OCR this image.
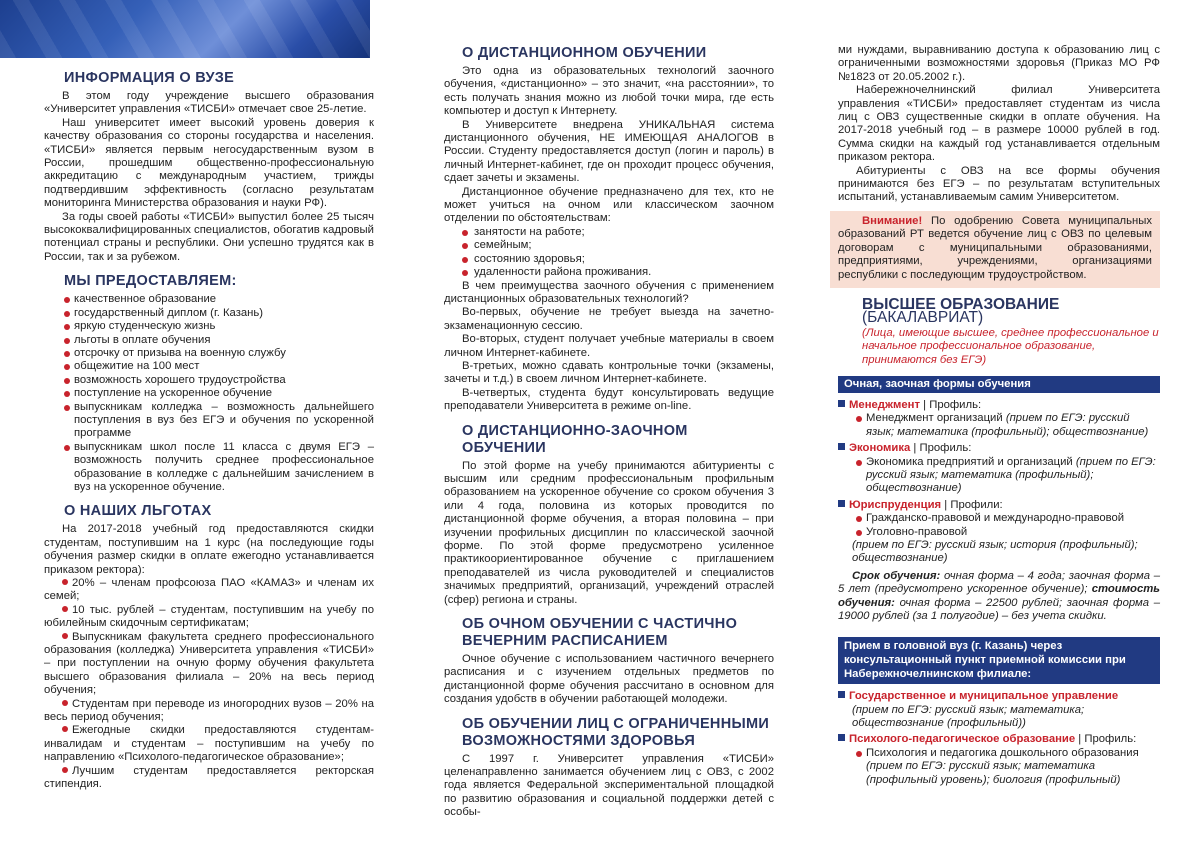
ИНФОРМАЦИЯ О ВУЗЕ

В этом году учреждение высшего образования «Университет управления «ТИСБИ» отмечает свое 25-летие.

Наш университет имеет высокий уровень доверия к качеству образования со стороны государства и населения. «ТИСБИ» является первым негосударственным вузом в России, прошедшим общественно-профессиональную аккредитацию с международным участием, трижды подтвердившим эффективность (согласно результатам мониторинга Министерства образования и науки РФ).

За годы своей работы «ТИСБИ» выпустил более 25 тысяч высококвалифицированных специалистов, обогатив кадровый потенциал страны и республики. Они успешно трудятся как в России, так и за рубежом.

МЫ ПРЕДОСТАВЛЯЕМ:
качественное образование
государственный диплом (г. Казань)
яркую студенческую жизнь
льготы в оплате обучения
отсрочку от призыва на военную службу
общежитие на 100 мест
возможность хорошего трудоустройства
поступление на ускоренное обучение
выпускникам колледжа – возможность дальнейшего поступления в вуз без ЕГЭ и обучения по ускоренной программе
выпускникам школ после 11 класса с двумя ЕГЭ – возможность получить среднее профессиональное образование в колледже с дальнейшим зачислением в вуз на ускоренное обучение.
О НАШИХ ЛЬГОТАХ

На 2017-2018 учебный год предоставляются скидки студентам, поступившим на 1 курс (на последующие годы обучения размер скидки в оплате ежегодно устанавливается приказом ректора):

20% – членам профсоюза ПАО «КАМАЗ» и членам их семей;
10 тыс. рублей – студентам, поступившим на учебу по юбилейным скидочным сертификатам;
Выпускникам факультета среднего профессионального образования (колледжа) Университета управления «ТИСБИ» – при поступлении на очную форму обучения факультета высшего образования филиала – 20% на весь период обучения;
Студентам при переводе из иногородних вузов – 20% на весь период обучения;
Ежегодные скидки предоставляются студентам-инвалидам и студентам – поступившим на учебу по направлению «Психолого-педагогическое образование»;
Лучшим студентам предоставляется ректорская стипендия.
О ДИСТАНЦИОННОМ ОБУЧЕНИИ

Это одна из образовательных технологий заочного обучения, «дистанционно» – это значит, «на расстоянии», то есть получать знания можно из любой точки мира, где есть компьютер и доступ к Интернету.

В Университете внедрена УНИКАЛЬНАЯ система дистанционного обучения, НЕ ИМЕЮЩАЯ АНАЛОГОВ в России. Студенту предоставляется доступ (логин и пароль) в личный Интернет-кабинет, где он проходит процесс обучения, сдает зачеты и экзамены.

Дистанционное обучение предназначено для тех, кто не может учиться на очном или классическом заочном отделении по обстоятельствам:

занятости на работе;
семейным;
состоянию здоровья;
удаленности района проживания.

В чем преимущества заочного обучения с применением дистанционных образовательных технологий?

Во-первых, обучение не требует выезда на зачетно-экзаменационную сессию.

Во-вторых, студент получает учебные материалы в своем личном Интернет-кабинете.

В-третьих, можно сдавать контрольные точки (экзамены, зачеты и т.д.) в своем личном Интернет-кабинете.

В-четвертых, студента будут консультировать ведущие преподаватели Университета в режиме on-line.

О ДИСТАНЦИОННО-ЗАОЧНОМ ОБУЧЕНИИ

По этой форме на учебу принимаются абитуриенты с высшим или средним профессиональным профильным образованием на ускоренное обучение со сроком обучения 3 или 4 года, половина из которых проводится по дистанционной форме обучения, а вторая половина – при изучении профильных дисциплин по классической заочной форме. По этой форме предусмотрено усиленное практикоориентированное обучение с приглашением преподавателей из числа руководителей и специалистов значимых предприятий, организаций, учреждений отраслей (сфер) региона и страны.

ОБ ОЧНОМ ОБУЧЕНИИ С ЧАСТИЧНО ВЕЧЕРНИМ РАСПИСАНИЕМ

Очное обучение с использованием частичного вечернего расписания и с изучением отдельных предметов по дистанционной форме обучения рассчитано в основном для создания удобств в обучении работающей молодежи.

ОБ ОБУЧЕНИИ ЛИЦ С ОГРАНИЧЕННЫМИ ВОЗМОЖНОСТЯМИ ЗДОРОВЬЯ

С 1997 г. Университет управления «ТИСБИ» целенаправленно занимается обучением лиц с ОВЗ, с 2002 года является Федеральной экспериментальной площадкой по развитию образования и социальной поддержки детей с особы-

ми нуждами, выравниванию доступа к образованию лиц с ограниченными возможностями здоровья (Приказ МО РФ №1823 от 20.05.2002 г.).

Набережночелнинский филиал Университета управления «ТИСБИ» предоставляет студентам из числа лиц с ОВЗ существенные скидки в оплате обучения. На 2017-2018 учебный год – в размере 10000 рублей в год. Сумма скидки на каждый год устанавливается отдельным приказом ректора.

Абитуриенты с ОВЗ на все формы обучения принимаются без ЕГЭ – по результатам вступительных испытаний, устанавливаемым самим Университетом.

Внимание! По одобрению Совета муниципальных образований РТ ведется обучение лиц с ОВЗ по целевым договорам с муниципальными образованиями, предприятиями, учреждениями, организациями республики с последующим трудоустройством.

ВЫСШЕЕ ОБРАЗОВАНИЕ (БАКАЛАВРИАТ)
(Лица, имеющие высшее, среднее профессиональное и начальное профессиональное образование, принимаются без ЕГЭ)
Очная, заочная формы обучения
Менеджмент | Профиль:
Менеджмент организаций (прием по ЕГЭ: русский язык; математика (профильный); обществознание)
Экономика | Профиль:
Экономика предприятий и организаций (прием по ЕГЭ: русский язык; математика (профильный); обществознание)
Юриспруденция | Профили:
Гражданско-правовой и международно-правовой
Уголовно-правовой
(прием по ЕГЭ: русский язык; история (профильный); обществознание)

Срок обучения: очная форма – 4 года; заочная форма – 5 лет (предусмотрено ускоренное обучение); стоимость обучения: очная форма – 22500 рублей; заочная форма – 19000 рублей (за 1 полугодие) – без учета скидки.

Прием в головной вуз (г. Казань) через консультационный пункт приемной комиссии при Набережночелнинском филиале:
Государственное и муниципальное управление
(прием по ЕГЭ: русский язык; математика; обществознание (профильный))
Психолого-педагогическое образование | Профиль:
Психология и педагогика дошкольного образования (прием по ЕГЭ: русский язык; математика (профильный уровень); биология (профильный)
